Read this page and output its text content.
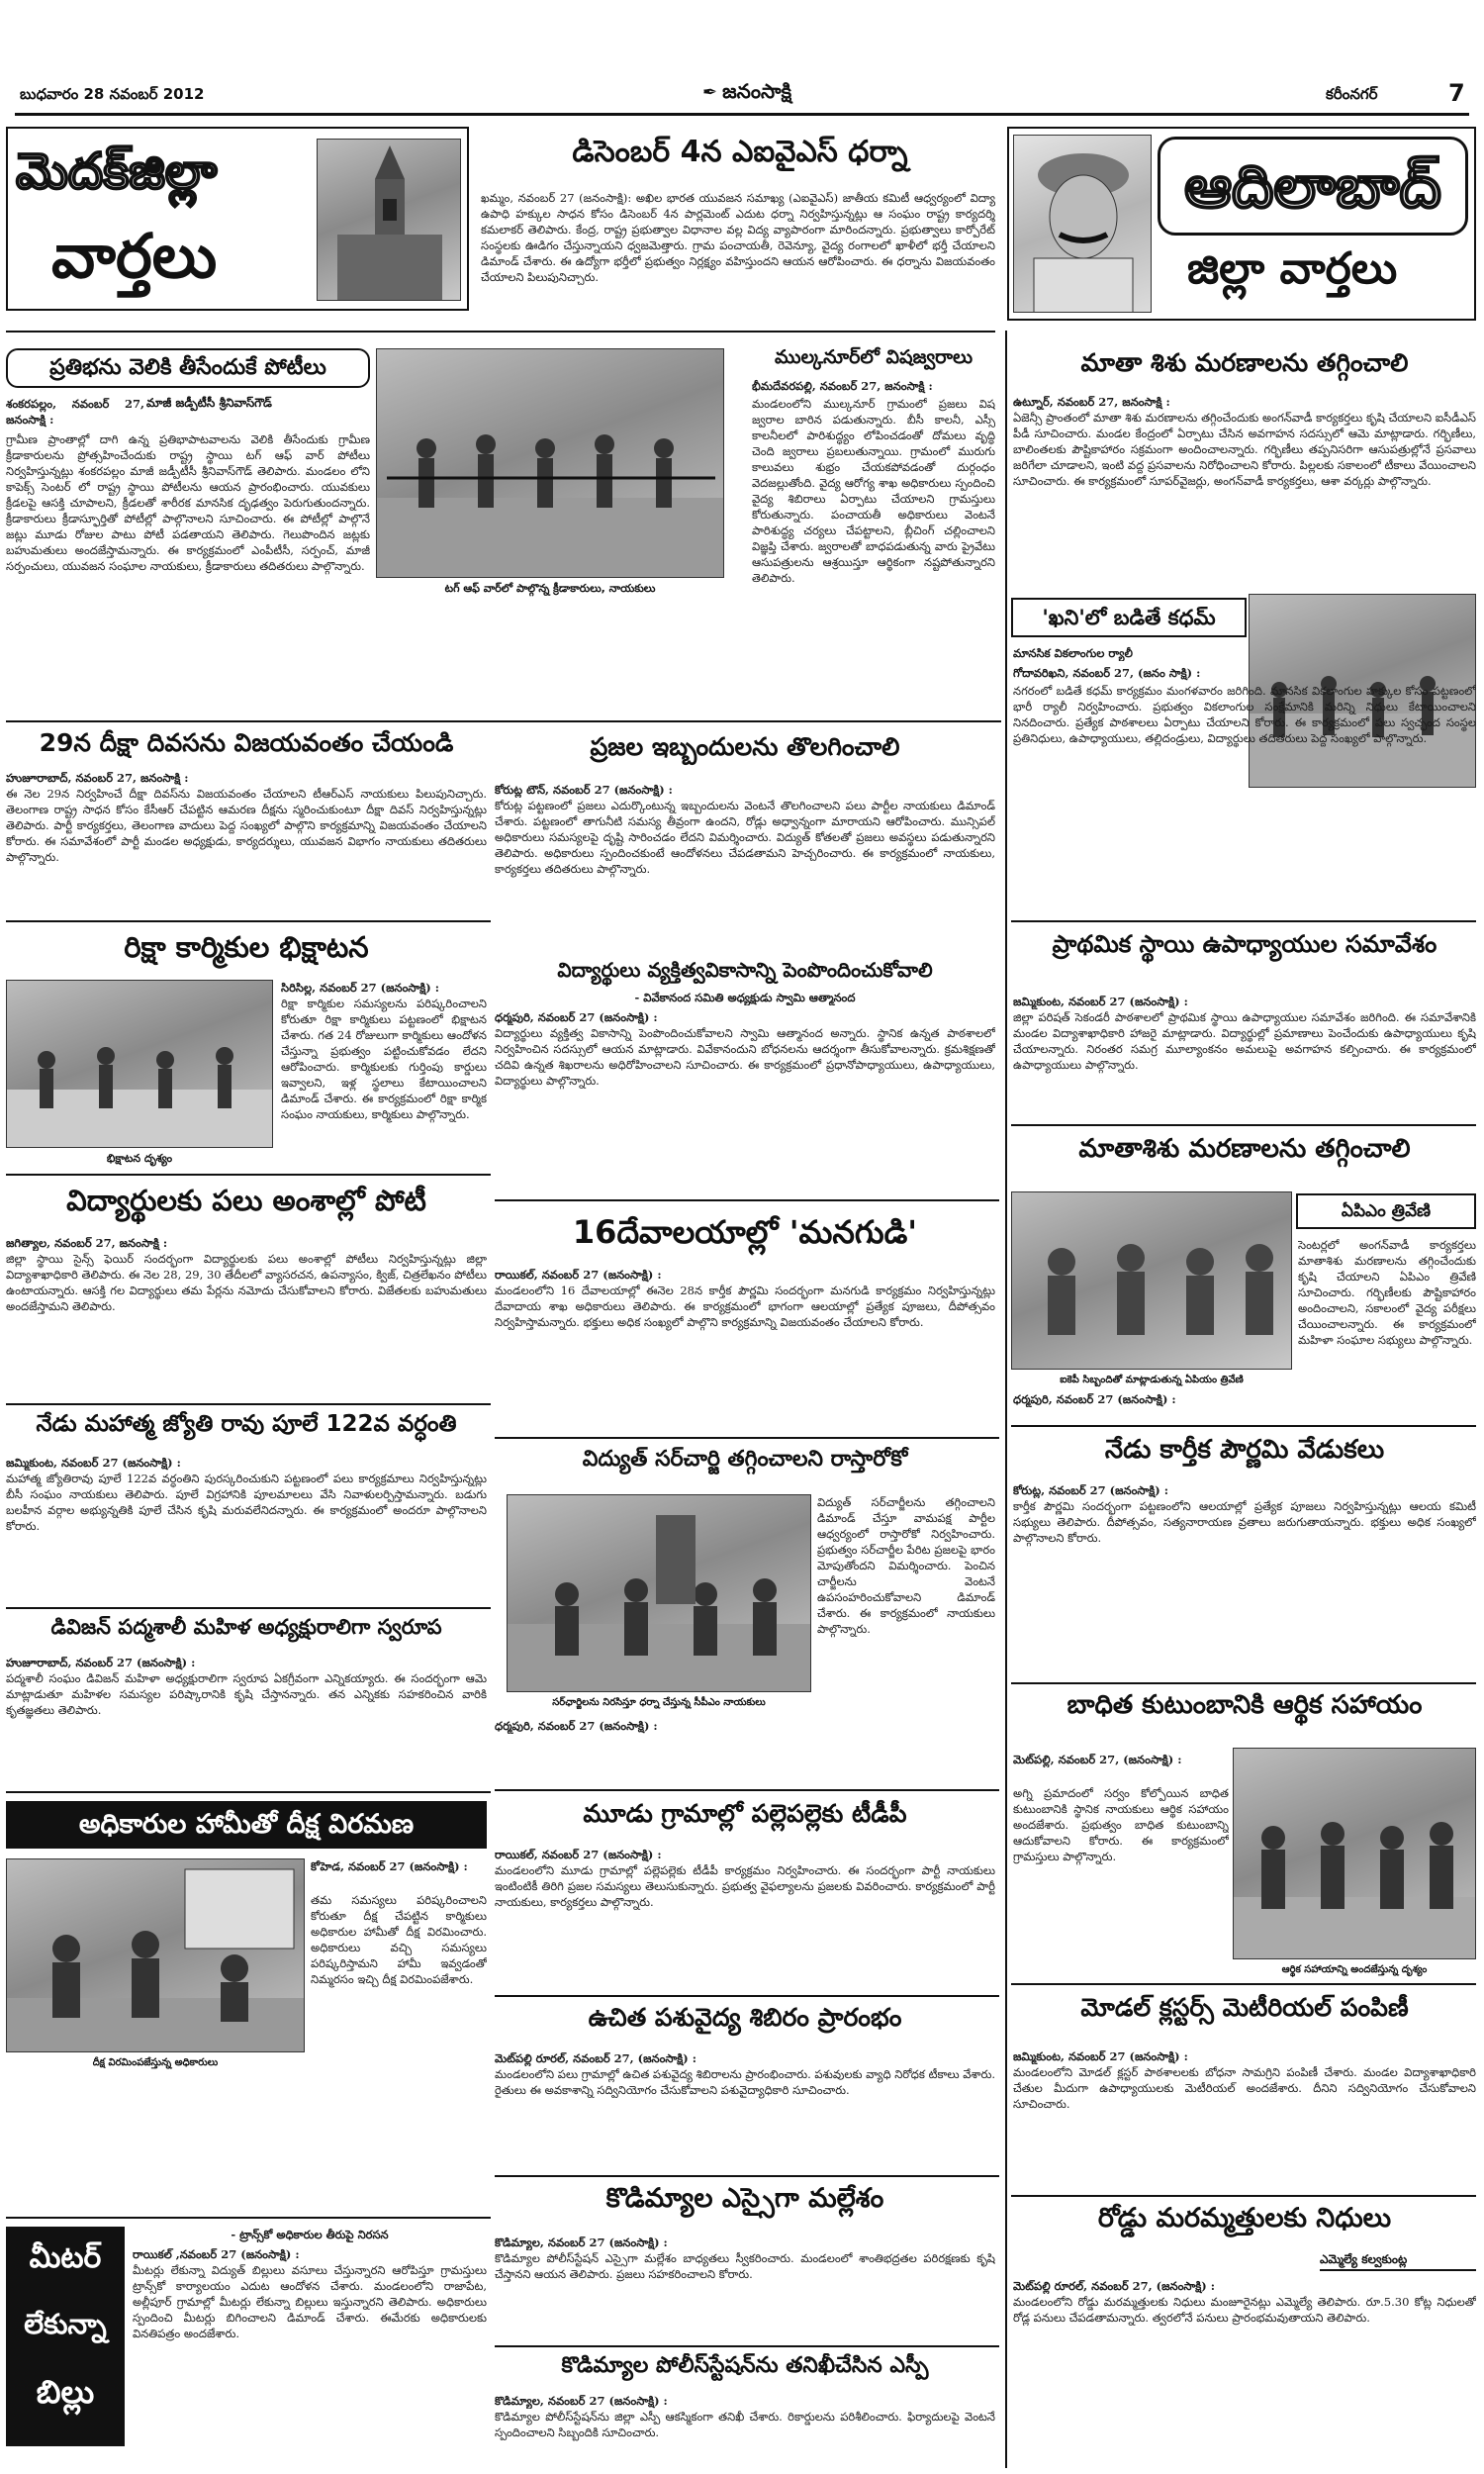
బుధవారం 28 నవంబర్ 2012	✒ జనంసాక్షి	కరీంనగర్	7
మెదక్‌జిల్లా
వార్తలు
డిసెంబర్ 4న ఎఐవైఎస్ ధర్నా
ఖమ్మం, నవంబర్ 27 (జనంసాక్షి): అఖిల భారత యువజన సమాఖ్య (ఎఐవైఎస్) జాతీయ కమిటీ ఆధ్వర్యంలో విద్యా ఉపాధి హక్కుల సాధన కోసం డిసెంబర్ 4న పార్లమెంట్ ఎదుట ధర్నా నిర్వహిస్తున్నట్లు ఆ సంఘం రాష్ట్ర కార్యదర్శి కమలాకర్ తెలిపారు. కేంద్ర, రాష్ట్ర ప్రభుత్వాల విధానాల వల్ల విద్య వ్యాపారంగా మారిందన్నారు. ప్రభుత్వాలు కార్పోరేట్ సంస్థలకు ఊడిగం చేస్తున్నాయని ధ్వజమెత్తారు. గ్రామ పంచాయతీ, రెవెన్యూ, వైద్య రంగాలలో ఖాళీలో భర్తీ చేయాలని డిమాండ్ చేశారు. ఈ ఉద్యోగా భర్తీలో ప్రభుత్వం నిర్లక్ష్యం వహిస్తుందని ఆయన ఆరోపించారు. ఈ ధర్నాను విజయవంతం చేయాలని పిలుపునిచ్చారు.
ఆదిలాబాద్
జిల్లా వార్తలు
ప్రతిభను వెలికి తీసేందుకే పోటీలు
టగ్ ఆఫ్ వార్‌లో పాల్గొన్న క్రీడాకారులు, నాయకులు
మాజీ జడ్పీటీసీ శ్రీనివాస్‌గౌడ్
శంకరపల్లం, నవంబర్ 27, జనంసాక్షి :
గ్రామీణ ప్రాంతాల్లో దాగి ఉన్న ప్రతిభాపాటవాలను వెలికి తీసేందుకు గ్రామీణ క్రీడాకారులను ప్రోత్సహించేందుకు రాష్ట్ర స్థాయి టగ్ ఆఫ్ వార్ పోటీలు నిర్వహిస్తున్నట్లు శంకరపల్లం మాజీ జడ్పీటీసీ శ్రీనివాస్‌గౌడ్ తెలిపారు. మండలం లోని కాపెక్స్ సెంటర్ లో రాష్ట్ర స్థాయి పోటీలను ఆయన ప్రారంభించారు. యువకులు క్రీడలపై ఆసక్తి చూపాలని, క్రీడలతో శారీరక మానసిక దృఢత్వం పెరుగుతుందన్నారు. క్రీడాకారులు క్రీడాస్ఫూర్తితో పోటీల్లో పాల్గొనాలని సూచించారు. ఈ పోటీల్లో పాల్గొనే జట్లు మూడు రోజుల పాటు పోటీ పడతాయని తెలిపారు. గెలుపొందిన జట్లకు బహుమతులు అందజేస్తామన్నారు. ఈ కార్యక్రమంలో ఎంపీటీసీ, సర్పంచ్, మాజీ సర్పంచులు, యువజన సంఘాల నాయకులు, క్రీడాకారులు తదితరులు పాల్గొన్నారు.
ముల్కనూర్‌లో విషజ్వరాలు
భీమదేవరపల్లి, నవంబర్ 27, జనంసాక్షి :
మండలంలోని ముల్కనూర్ గ్రామంలో ప్రజలు విష జ్వరాల బారిన పడుతున్నారు. బీసీ కాలనీ, ఎస్సీ కాలనీలలో పారిశుద్ధ్యం లోపించడంతో దోమలు వృద్ధి చెంది జ్వరాలు ప్రబలుతున్నాయి. గ్రామంలో మురుగు కాలువలు శుభ్రం చేయకపోవడంతో దుర్గంధం వెదజల్లుతోంది. వైద్య ఆరోగ్య శాఖ అధికారులు స్పందించి వైద్య శిబిరాలు ఏర్పాటు చేయాలని గ్రామస్తులు కోరుతున్నారు. పంచాయతీ అధికారులు వెంటనే పారిశుద్ధ్య చర్యలు చేపట్టాలని, బ్లీచింగ్ చల్లించాలని విజ్ఞప్తి చేశారు. జ్వరాలతో బాధపడుతున్న వారు ప్రైవేటు ఆసుపత్రులను ఆశ్రయిస్తూ ఆర్థికంగా నష్టపోతున్నారని తెలిపారు.
మాతా శిశు మరణాలను తగ్గించాలి
ఉట్నూర్, నవంబర్ 27, జనంసాక్షి :
ఏజెన్సీ ప్రాంతంలో మాతా శిశు మరణాలను తగ్గించేందుకు అంగన్‌వాడీ కార్యకర్తలు కృషి చేయాలని ఐసీడీఎస్ పీడీ సూచించారు. మండల కేంద్రంలో ఏర్పాటు చేసిన అవగాహన సదస్సులో ఆమె మాట్లాడారు. గర్భిణీలు, బాలింతలకు పౌష్టికాహారం సక్రమంగా అందించాలన్నారు. గర్భిణీలు తప్పనిసరిగా ఆసుపత్రుల్లోనే ప్రసవాలు జరిగేలా చూడాలని, ఇంటి వద్ద ప్రసవాలను నిరోధించాలని కోరారు. పిల్లలకు సకాలంలో టీకాలు వేయించాలని సూచించారు. ఈ కార్యక్రమంలో సూపర్‌వైజర్లు, అంగన్‌వాడీ కార్యకర్తలు, ఆశా వర్కర్లు పాల్గొన్నారు.
'ఖని'లో బడితే కధమ్
మానసిక వికలాంగుల ర్యాలీ
గోదావరిఖని, నవంబర్ 27, (జనం సాక్షి) :
నగరంలో బడితే కధమ్ కార్యక్రమం మంగళవారం జరిగింది. మానసిక వికలాంగుల హక్కుల కోసం పట్టణంలో భారీ ర్యాలీ నిర్వహించారు. ప్రభుత్వం వికలాంగుల సంక్షేమానికి మరిన్ని నిధులు కేటాయించాలని నినదించారు. ప్రత్యేక పాఠశాలలు ఏర్పాటు చేయాలని కోరారు. ఈ కార్యక్రమంలో పలు స్వచ్ఛంద సంస్థల ప్రతినిధులు, ఉపాధ్యాయులు, తల్లిదండ్రులు, విద్యార్థులు తదితరులు పెద్ద సంఖ్యలో పాల్గొన్నారు.
29న దీక్షా దివసను విజయవంతం చేయండి
హుజూరాబాద్, నవంబర్ 27, జనంసాక్షి :
ఈ నెల 29న నిర్వహించే దీక్షా దివస్‌ను విజయవంతం చేయాలని టీఆర్ఎస్ నాయకులు పిలుపునిచ్చారు. తెలంగాణ రాష్ట్ర సాధన కోసం కేసీఆర్ చేపట్టిన ఆమరణ దీక్షను స్మరించుకుంటూ దీక్షా దివస్ నిర్వహిస్తున్నట్లు తెలిపారు. పార్టీ కార్యకర్తలు, తెలంగాణ వాదులు పెద్ద సంఖ్యలో పాల్గొని కార్యక్రమాన్ని విజయవంతం చేయాలని కోరారు. ఈ సమావేశంలో పార్టీ మండల అధ్యక్షుడు, కార్యదర్శులు, యువజన విభాగం నాయకులు తదితరులు పాల్గొన్నారు.
ప్రజల ఇబ్బందులను తొలగించాలి
కోరుట్ల టౌన్, నవంబర్ 27 (జనంసాక్షి) :
కోరుట్ల పట్టణంలో ప్రజలు ఎదుర్కొంటున్న ఇబ్బందులను వెంటనే తొలగించాలని పలు పార్టీల నాయకులు డిమాండ్ చేశారు. పట్టణంలో తాగునీటి సమస్య తీవ్రంగా ఉందని, రోడ్లు అధ్వాన్నంగా మారాయని ఆరోపించారు. మున్సిపల్ అధికారులు సమస్యలపై దృష్టి సారించడం లేదని విమర్శించారు. విద్యుత్ కోతలతో ప్రజలు అవస్థలు పడుతున్నారని తెలిపారు. అధికారులు స్పందించకుంటే ఆందోళనలు చేపడతామని హెచ్చరించారు. ఈ కార్యక్రమంలో నాయకులు, కార్యకర్తలు తదితరులు పాల్గొన్నారు.
రిక్షా కార్మికుల భిక్షాటన
భిక్షాటన దృశ్యం
సిరిసిల్ల, నవంబర్ 27 (జనంసాక్షి) :
రిక్షా కార్మికుల సమస్యలను పరిష్కరించాలని కోరుతూ రిక్షా కార్మికులు పట్టణంలో భిక్షాటన చేశారు. గత 24 రోజులుగా కార్మికులు ఆందోళన చేస్తున్నా ప్రభుత్వం పట్టించుకోవడం లేదని ఆరోపించారు. కార్మికులకు గుర్తింపు కార్డులు ఇవ్వాలని, ఇళ్ల స్థలాలు కేటాయించాలని డిమాండ్ చేశారు. ఈ కార్యక్రమంలో రిక్షా కార్మిక సంఘం నాయకులు, కార్మికులు పాల్గొన్నారు.
విద్యార్థులు వ్యక్తిత్వవికాసాన్ని పెంపొందించుకోవాలి
- వివేకానంద సమితి అధ్యక్షుడు స్వామి ఆత్మానంద
ధర్మపురి, నవంబర్ 27 (జనంసాక్షి) :
విద్యార్థులు వ్యక్తిత్వ వికాసాన్ని పెంపొందించుకోవాలని స్వామి ఆత్మానంద అన్నారు. స్థానిక ఉన్నత పాఠశాలలో నిర్వహించిన సదస్సులో ఆయన మాట్లాడారు. వివేకానందుని బోధనలను ఆదర్శంగా తీసుకోవాలన్నారు. క్రమశిక్షణతో చదివి ఉన్నత శిఖరాలను అధిరోహించాలని సూచించారు. ఈ కార్యక్రమంలో ప్రధానోపాధ్యాయులు, ఉపాధ్యాయులు, విద్యార్థులు పాల్గొన్నారు.
ప్రాథమిక స్థాయి ఉపాధ్యాయుల సమావేశం
జమ్మికుంట, నవంబర్ 27 (జనంసాక్షి) :
జిల్లా పరిషత్ సెకండరీ పాఠశాలలో ప్రాథమిక స్థాయి ఉపాధ్యాయుల సమావేశం జరిగింది. ఈ సమావేశానికి మండల విద్యాశాఖాధికారి హాజరై మాట్లాడారు. విద్యార్థుల్లో ప్రమాణాలు పెంచేందుకు ఉపాధ్యాయులు కృషి చేయాలన్నారు. నిరంతర సమగ్ర మూల్యాంకనం అమలుపై అవగాహన కల్పించారు. ఈ కార్యక్రమంలో ఉపాధ్యాయులు పాల్గొన్నారు.
మాతాశిశు మరణాలను తగ్గించాలి
ఐకెపీ సిబ్బందితో మాట్లాడుతున్న ఏపియం త్రివేణి
ఏపిఎం త్రివేణి
సెంటర్లలో అంగన్‌వాడీ కార్యకర్తలు మాతాశిశు మరణాలను తగ్గించేందుకు కృషి చేయాలని ఏపిఎం త్రివేణి సూచించారు. గర్భిణీలకు పౌష్టికాహారం అందించాలని, సకాలంలో వైద్య పరీక్షలు చేయించాలన్నారు. ఈ కార్యక్రమంలో మహిళా సంఘాల సభ్యులు పాల్గొన్నారు.
ధర్మపురి, నవంబర్ 27 (జనంసాక్షి) :
విద్యార్థులకు పలు అంశాల్లో పోటీ
జగిత్యాల, నవంబర్ 27, జనంసాక్షి :
జిల్లా స్థాయి సైన్స్ ఫెయిర్ సందర్భంగా విద్యార్థులకు పలు అంశాల్లో పోటీలు నిర్వహిస్తున్నట్లు జిల్లా విద్యాశాఖాధికారి తెలిపారు. ఈ నెల 28, 29, 30 తేదీలలో వ్యాసరచన, ఉపన్యాసం, క్విజ్, చిత్రలేఖనం పోటీలు ఉంటాయన్నారు. ఆసక్తి గల విద్యార్థులు తమ పేర్లను నమోదు చేసుకోవాలని కోరారు. విజేతలకు బహుమతులు అందజేస్తామని తెలిపారు.
16దేవాలయాల్లో 'మనగుడి'
రాయికల్, నవంబర్ 27 (జనంసాక్షి) :
మండలంలోని 16 దేవాలయాల్లో ఈనెల 28న కార్తీక పౌర్ణమి సందర్భంగా మనగుడి కార్యక్రమం నిర్వహిస్తున్నట్లు దేవాదాయ శాఖ అధికారులు తెలిపారు. ఈ కార్యక్రమంలో భాగంగా ఆలయాల్లో ప్రత్యేక పూజలు, దీపోత్సవం నిర్వహిస్తామన్నారు. భక్తులు అధిక సంఖ్యలో పాల్గొని కార్యక్రమాన్ని విజయవంతం చేయాలని కోరారు.
నేడు మహాత్మ జ్యోతి రావు పూలే 122వ వర్ధంతి
జమ్మికుంట, నవంబర్ 27 (జనంసాక్షి) :
మహాత్మ జ్యోతిరావు పూలే 122వ వర్ధంతిని పురస్కరించుకుని పట్టణంలో పలు కార్యక్రమాలు నిర్వహిస్తున్నట్లు బీసీ సంఘం నాయకులు తెలిపారు. పూలే విగ్రహానికి పూలమాలలు వేసి నివాళులర్పిస్తామన్నారు. బడుగు బలహీన వర్గాల అభ్యున్నతికి పూలే చేసిన కృషి మరువలేనిదన్నారు. ఈ కార్యక్రమంలో అందరూ పాల్గొనాలని కోరారు.
విద్యుత్ సర్‌చార్జి తగ్గించాలని రాస్తారోకో
సర్‌ఛార్జిలను నిరసిస్తూ ధర్నా చేస్తున్న సీపీఎం నాయకులు
విద్యుత్ సర్‌చార్జీలను తగ్గించాలని డిమాండ్ చేస్తూ వామపక్ష పార్టీల ఆధ్వర్యంలో రాస్తారోకో నిర్వహించారు. ప్రభుత్వం సర్‌చార్జీల పేరిట ప్రజలపై భారం మోపుతోందని విమర్శించారు. పెంచిన చార్జీలను వెంటనే ఉపసంహరించుకోవాలని డిమాండ్ చేశారు. ఈ కార్యక్రమంలో నాయకులు పాల్గొన్నారు.
ధర్మపురి, నవంబర్ 27 (జనంసాక్షి) :
నేడు కార్తీక పౌర్ణమి వేడుకలు
కోరుట్ల, నవంబర్ 27 (జనంసాక్షి) :
కార్తీక పౌర్ణమి సందర్భంగా పట్టణంలోని ఆలయాల్లో ప్రత్యేక పూజలు నిర్వహిస్తున్నట్లు ఆలయ కమిటీ సభ్యులు తెలిపారు. దీపోత్సవం, సత్యనారాయణ వ్రతాలు జరుగుతాయన్నారు. భక్తులు అధిక సంఖ్యలో పాల్గొనాలని కోరారు.
డివిజన్ పద్మశాలీ మహిళ అధ్యక్షురాలిగా స్వరూప
హుజూరాబాద్, నవంబర్ 27 (జనంసాక్షి) :
పద్మశాలీ సంఘం డివిజన్ మహిళా అధ్యక్షురాలిగా స్వరూప ఏకగ్రీవంగా ఎన్నికయ్యారు. ఈ సందర్భంగా ఆమె మాట్లాడుతూ మహిళల సమస్యల పరిష్కారానికి కృషి చేస్తానన్నారు. తన ఎన్నికకు సహకరించిన వారికి కృతజ్ఞతలు తెలిపారు.	బాధిత కుటుంబానికి ఆర్థిక సహాయం
మెట్‌పల్లి, నవంబర్ 27, (జనంసాక్షి) :
అగ్ని ప్రమాదంలో సర్వం కోల్పోయిన బాధిత కుటుంబానికి స్థానిక నాయకులు ఆర్థిక సహాయం అందజేశారు. ప్రభుత్వం బాధిత కుటుంబాన్ని ఆదుకోవాలని కోరారు. ఈ కార్యక్రమంలో గ్రామస్తులు పాల్గొన్నారు.
ఆర్థిక సహాయాన్ని అందజేస్తున్న దృశ్యం
మూడు గ్రామాల్లో పల్లెపల్లెకు టీడీపీ
రాయికల్, నవంబర్ 27 (జనంసాక్షి) :
మండలంలోని మూడు గ్రామాల్లో పల్లెపల్లెకు టీడీపీ కార్యక్రమం నిర్వహించారు. ఈ సందర్భంగా పార్టీ నాయకులు ఇంటింటికీ తిరిగి ప్రజల సమస్యలు తెలుసుకున్నారు. ప్రభుత్వ వైఫల్యాలను ప్రజలకు వివరించారు. కార్యక్రమంలో పార్టీ నాయకులు, కార్యకర్తలు పాల్గొన్నారు.
అధికారుల హామీతో దీక్ష విరమణ
దీక్ష విరమింపజేస్తున్న అధికారులు
కోహెడ, నవంబర్ 27 (జనంసాక్షి) :
తమ సమస్యలు పరిష్కరించాలని కోరుతూ దీక్ష చేపట్టిన కార్మికులు అధికారుల హామీతో దీక్ష విరమించారు. అధికారులు వచ్చి సమస్యలు పరిష్కరిస్తామని హామీ ఇవ్వడంతో నిమ్మరసం ఇచ్చి దీక్ష విరమింపజేశారు.
ఉచిత పశువైద్య శిబిరం ప్రారంభం
మెట్‌పల్లి రూరల్, నవంబర్ 27, (జనంసాక్షి) :
మండలంలోని పలు గ్రామాల్లో ఉచిత పశువైద్య శిబిరాలను ప్రారంభించారు. పశువులకు వ్యాధి నిరోధక టీకాలు వేశారు. రైతులు ఈ అవకాశాన్ని సద్వినియోగం చేసుకోవాలని పశువైద్యాధికారి సూచించారు.
మోడల్ క్లస్టర్స్ మెటీరియల్ పంపిణీ
జమ్మికుంట, నవంబర్ 27 (జనంసాక్షి) :
మండలంలోని మోడల్ క్లస్టర్ పాఠశాలలకు బోధనా సామగ్రిని పంపిణీ చేశారు. మండల విద్యాశాఖాధికారి చేతుల మీదుగా ఉపాధ్యాయులకు మెటీరియల్ అందజేశారు. దీనిని సద్వినియోగం చేసుకోవాలని సూచించారు.
కొడిమ్యాల ఎస్సైగా మల్లేశం
కొడిమ్యాల, నవంబర్ 27 (జనంసాక్షి) :
కొడిమ్యాల పోలీస్‌స్టేషన్ ఎస్సైగా మల్లేశం బాధ్యతలు స్వీకరించారు. మండలంలో శాంతిభద్రతల పరిరక్షణకు కృషి చేస్తానని ఆయన తెలిపారు. ప్రజలు సహకరించాలని కోరారు.
రోడ్డు మరమ్మత్తులకు నిధులు
ఎమ్మెల్యే కల్వకుంట్ల
మెట్‌పల్లి రూరల్, నవంబర్ 27, (జనంసాక్షి) :
మండలంలోని రోడ్డు మరమ్మత్తులకు నిధులు మంజూరైనట్లు ఎమ్మెల్యే తెలిపారు. రూ.5.30 కోట్ల నిధులతో రోడ్ల పనులు చేపడతామన్నారు. త్వరలోనే పనులు ప్రారంభమవుతాయని తెలిపారు.
కొడిమ్యాల పోలీస్‌స్టేషన్‌ను తనిఖీచేసిన ఎస్పీ
కొడిమ్యాల, నవంబర్ 27 (జనంసాక్షి) :
కొడిమ్యాల పోలీస్‌స్టేషన్‌ను జిల్లా ఎస్పీ ఆకస్మికంగా తనిఖీ చేశారు. రికార్డులను పరిశీలించారు. ఫిర్యాదులపై వెంటనే స్పందించాలని సిబ్బందికి సూచించారు.
మీటర్
లేకున్నా
బిల్లు
- ట్రాన్స్‌కో అధికారుల తీరుపై నిరసన
రాయికల్ ,నవంబర్ 27 (జనంసాక్షి) :
మీటర్లు లేకున్నా విద్యుత్ బిల్లులు వసూలు చేస్తున్నారని ఆరోపిస్తూ గ్రామస్తులు ట్రాన్స్‌కో కార్యాలయం ఎదుట ఆందోళన చేశారు. మండలంలోని రాజాపేట, అల్లీపూర్ గ్రామాల్లో మీటర్లు లేకున్నా బిల్లులు ఇస్తున్నారని తెలిపారు. అధికారులు స్పందించి మీటర్లు బిగించాలని డిమాండ్ చేశారు. ఈమేరకు అధికారులకు వినతిపత్రం అందజేశారు.
